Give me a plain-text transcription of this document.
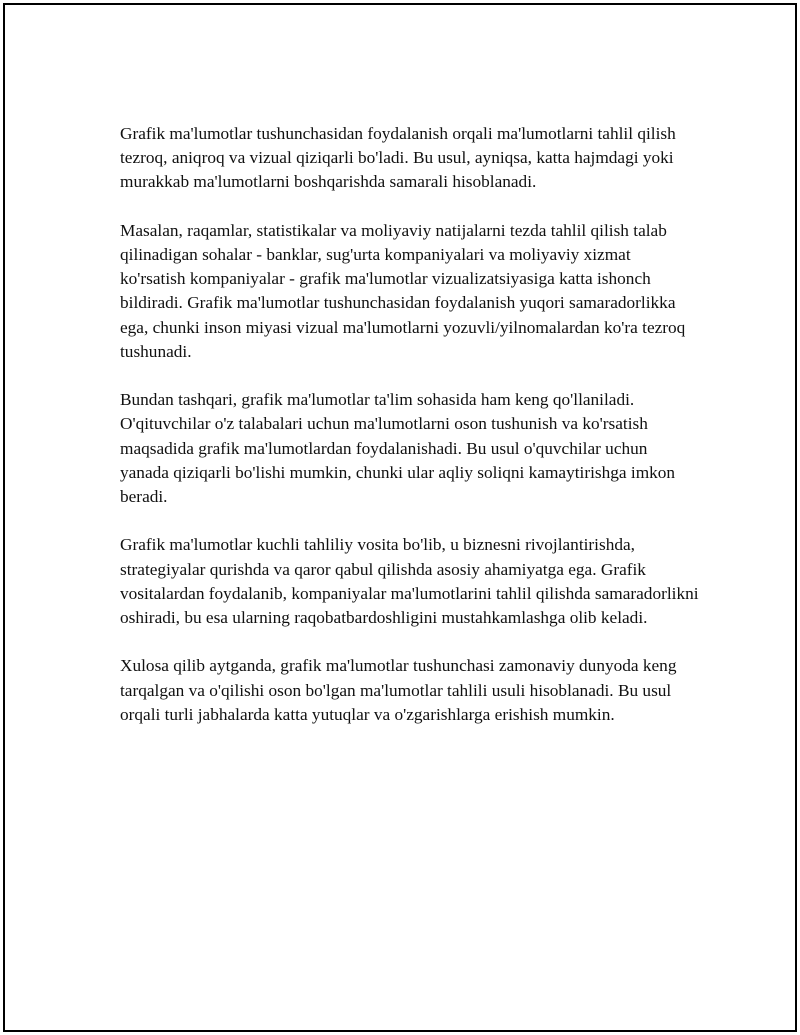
Grafik ma'lumotlar tushunchasidan foydalanish orqali ma'lumotlarni tahlil qilish tezroq, aniqroq va vizual qiziqarli bo'ladi. Bu usul, ayniqsa, katta hajmdagi yoki murakkab ma'lumotlarni boshqarishda samarali hisoblanadi.

Masalan, raqamlar, statistikalar va moliyaviy natijalarni tezda tahlil qilish talab qilinadigan sohalar - banklar, sug'urta kompaniyalari va moliyaviy xizmat ko'rsatish kompaniyalar - grafik ma'lumotlar vizualizatsiyasiga katta ishonch bildiradi. Grafik ma'lumotlar tushunchasidan foydalanish yuqori samaradorlikka ega, chunki inson miyasi vizual ma'lumotlarni yozuvli/yilnomalardan ko'ra tezroq tushunadi.

Bundan tashqari, grafik ma'lumotlar ta'lim sohasida ham keng qo'llaniladi. O'qituvchilar o'z talabalari uchun ma'lumotlarni oson tushunish va ko'rsatish maqsadida grafik ma'lumotlardan foydalanishadi. Bu usul o'quvchilar uchun yanada qiziqarli bo'lishi mumkin, chunki ular aqliy soliqni kamaytirishga imkon beradi.

Grafik ma'lumotlar kuchli tahliliy vosita bo'lib, u biznesni rivojlantirishda, strategiyalar qurishda va qaror qabul qilishda asosiy ahamiyatga ega. Grafik vositalardan foydalanib, kompaniyalar ma'lumotlarini tahlil qilishda samaradorlikni oshiradi, bu esa ularning raqobatbardoshligini mustahkamlashga olib keladi.

Xulosa qilib aytganda, grafik ma'lumotlar tushunchasi zamonaviy dunyoda keng tarqalgan va o'qilishi oson bo'lgan ma'lumotlar tahlili usuli hisoblanadi. Bu usul orqali turli jabhalarda katta yutuqlar va o'zgarishlarga erishish mumkin.
